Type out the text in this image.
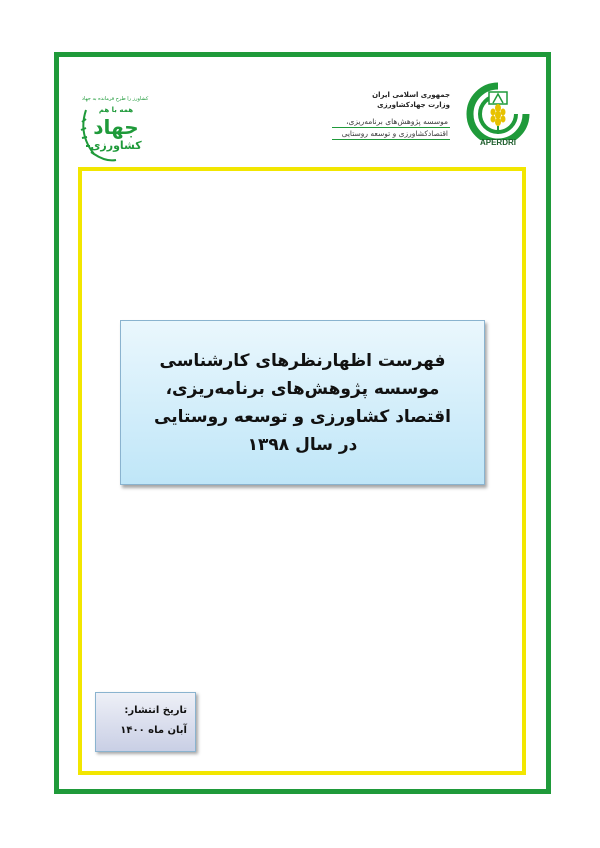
کشاورز را طرح فرمانده به جهاد
همه با هم
جهاد
کشاورزی
جمهوری اسلامی ایران
وزارت جهادکشاورزی
موسسه پژوهش‌های برنامه‌ریزی،
اقتصادکشاورزی و توسعه روستایی
APERDRI
فهرست اظهارنظرهای کارشناسی
موسسه پژوهش‌های برنامه‌ریزی،
اقتصاد کشاورزی و توسعه روستایی
در سال ۱۳۹۸
تاریخ انتشار:
آبان ماه ۱۴۰۰
